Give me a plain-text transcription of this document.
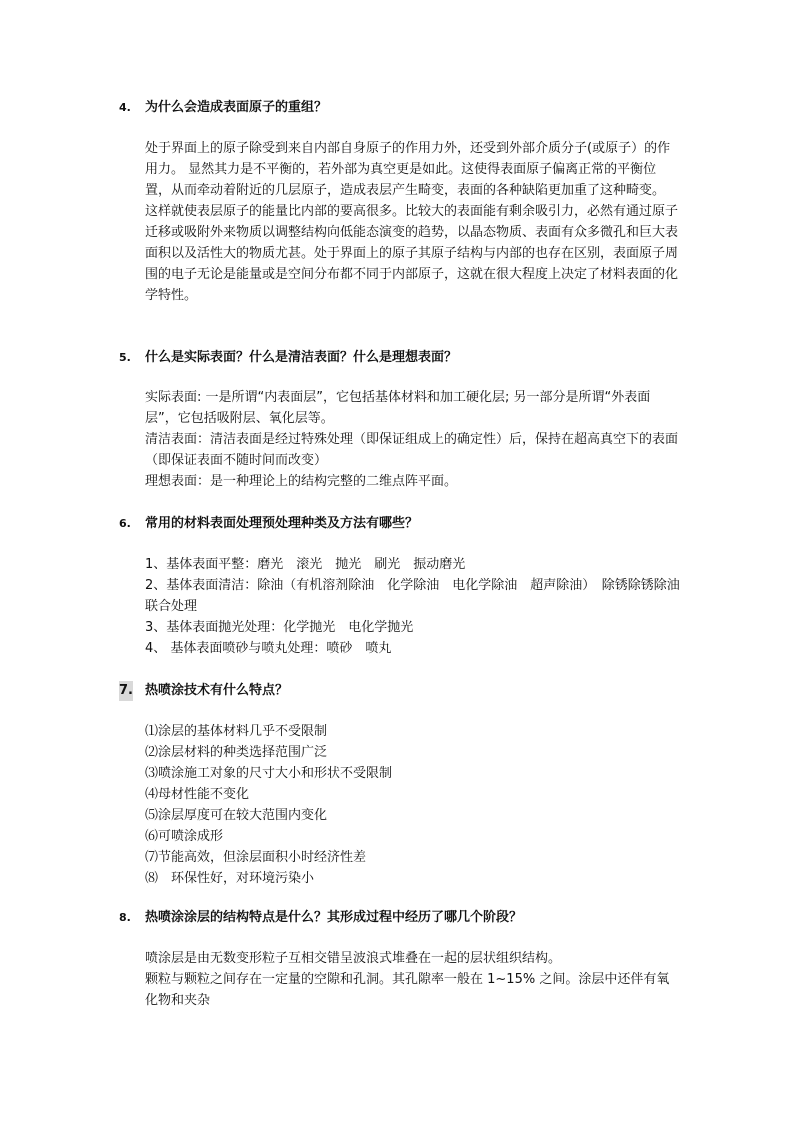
4. 为什么会造成表面原子的重组？

处于界面上的原子除受到来自内部自身原子的作用力外，还受到外部介质分子(或原子）的作用力。 显然其力是不平衡的，若外部为真空更是如此。这使得表面原子偏离正常的平衡位置，从而牵动着附近的几层原子，造成表层产生畸变，表面的各种缺陷更加重了这种畸变。

这样就使表层原子的能量比内部的要高很多。比较大的表面能有剩余吸引力，必然有通过原子迁移或吸附外来物质以调整结构向低能态演变的趋势，以晶态物质、表面有众多微孔和巨大表面积以及活性大的物质尤甚。处于界面上的原子其原子结构与内部的也存在区别，表面原子周围的电子无论是能量或是空间分布都不同于内部原子，这就在很大程度上决定了材料表面的化学特性。

5. 什么是实际表面？什么是清洁表面？什么是理想表面？

实际表面: 一是所谓“内表面层”，它包括基体材料和加工硬化层; 另一部分是所谓“外表面层”，它包括吸附层、氧化层等。

清洁表面：清洁表面是经过特殊处理（即保证组成上的确定性）后，保持在超高真空下的表面（即保证表面不随时间而改变）

理想表面：是一种理论上的结构完整的二维点阵平面。

6. 常用的材料表面处理预处理种类及方法有哪些？

1、基体表面平整：磨光　滚光　抛光　刷光　振动磨光

2、基体表面清洁：除油（有机溶剂除油　化学除油　电化学除油　超声除油）　除锈除锈除油联合处理

3、基体表面抛光处理：化学抛光　电化学抛光

4、 基体表面喷砂与喷丸处理：喷砂　喷丸

7. 热喷涂技术有什么特点？

⑴涂层的基体材料几乎不受限制

⑵涂层材料的种类选择范围广泛

⑶喷涂施工对象的尺寸大小和形状不受限制

⑷母材性能不变化

⑸涂层厚度可在较大范围内变化

⑹可喷涂成形

⑺节能高效，但涂层面积小时经济性差

⑻　环保性好，对环境污染小

8. 热喷涂涂层的结构特点是什么？其形成过程中经历了哪几个阶段？

喷涂层是由无数变形粒子互相交错呈波浪式堆叠在一起的层状组织结构。

颗粒与颗粒之间存在一定量的空隙和孔洞。其孔隙率一般在 1~15% 之间。涂层中还伴有氧化物和夹杂
